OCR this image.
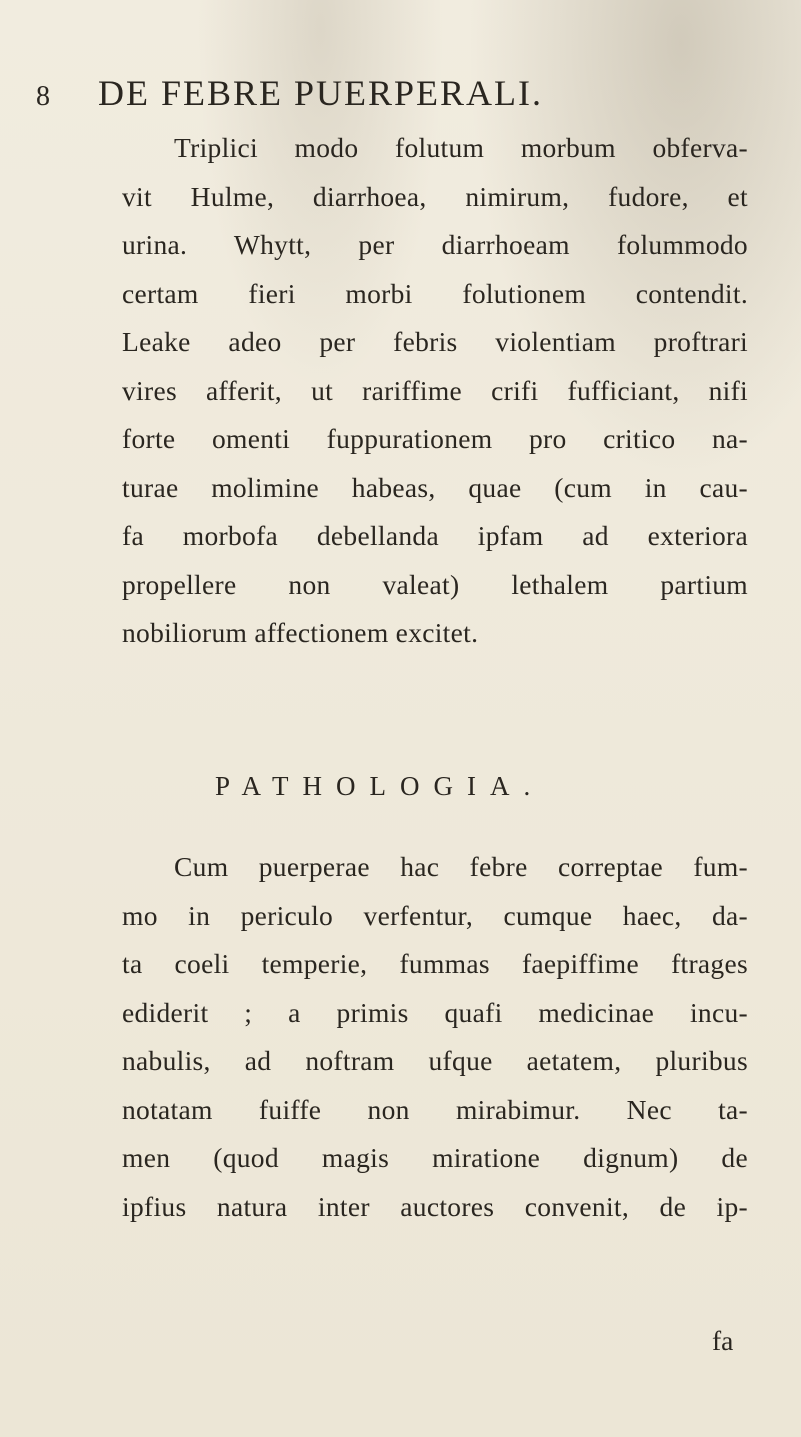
8	DE FEBRE PUERPERALI.
Triplici modo folutum morbum obferva-
vit Hulme, diarrhoea, nimirum, fudore, et
urina. Whytt, per diarrhoeam folummodo
certam fieri morbi folutionem contendit.
Leake adeo per febris violentiam proftrari
vires afferit, ut rariffime crifi fufficiant, nifi
forte omenti fuppurationem pro critico na-
turae molimine habeas, quae (cum in cau-
fa morbofa debellanda ipfam ad exteriora
propellere non valeat) lethalem partium
nobiliorum affectionem excitet.
PATHOLOGIA.
Cum puerperae hac febre correptae fum-
mo in periculo verfentur, cumque haec, da-
ta coeli temperie, fummas faepiffime ftrages
ediderit ; a primis quafi medicinae incu-
nabulis, ad noftram ufque aetatem, pluribus
notatam fuiffe non mirabimur. Nec ta-
men (quod magis miratione dignum) de
ipfius natura inter auctores convenit, de ip-
fa
